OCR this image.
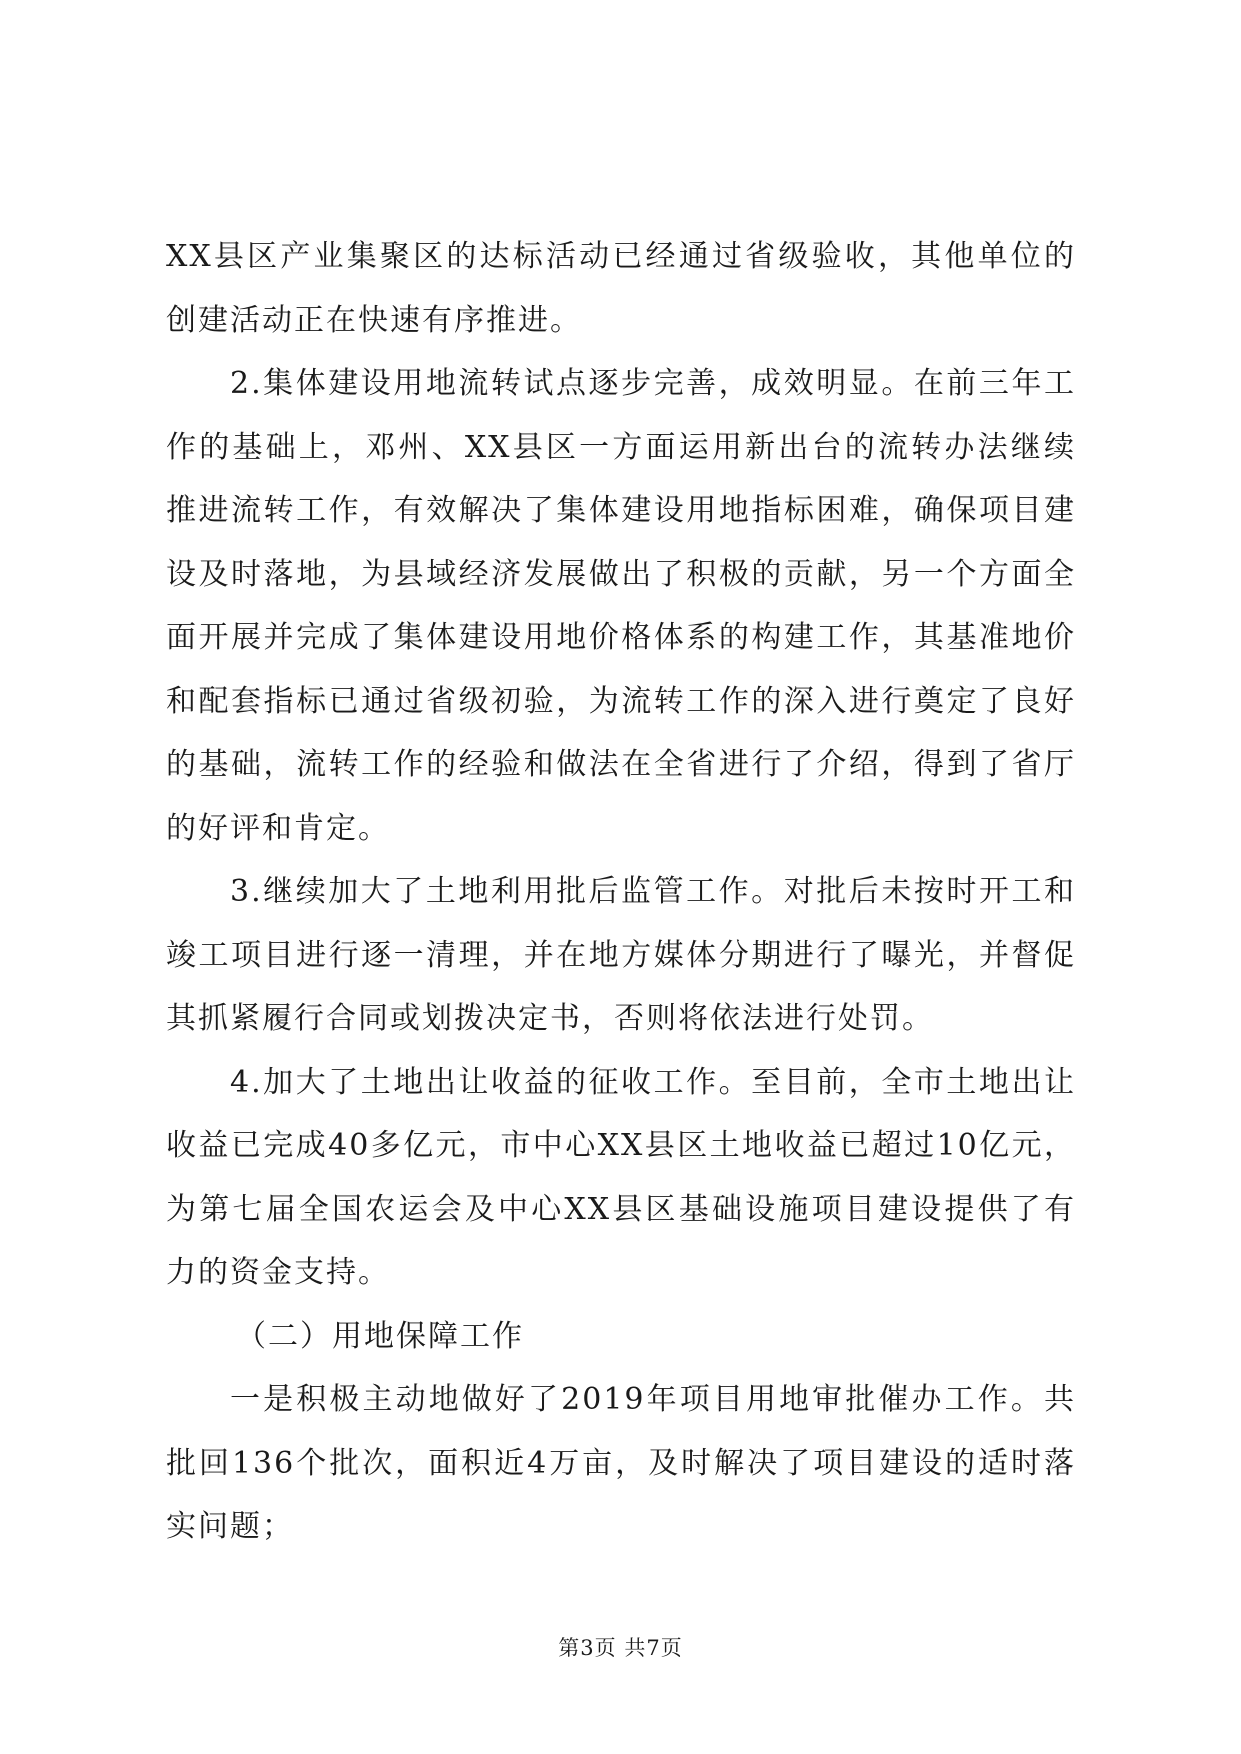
XX县区产业集聚区的达标活动已经通过省级验收，其他单位的创建活动正在快速有序推进。

2.集体建设用地流转试点逐步完善，成效明显。在前三年工作的基础上，邓州、XX县区一方面运用新出台的流转办法继续推进流转工作，有效解决了集体建设用地指标困难，确保项目建设及时落地，为县域经济发展做出了积极的贡献，另一个方面全面开展并完成了集体建设用地价格体系的构建工作，其基准地价和配套指标已通过省级初验，为流转工作的深入进行奠定了良好的基础，流转工作的经验和做法在全省进行了介绍，得到了省厅的好评和肯定。

3.继续加大了土地利用批后监管工作。对批后未按时开工和竣工项目进行逐一清理，并在地方媒体分期进行了曝光，并督促其抓紧履行合同或划拨决定书，否则将依法进行处罚。

4.加大了土地出让收益的征收工作。至目前，全市土地出让收益已完成40多亿元，市中心XX县区土地收益已超过10亿元，为第七届全国农运会及中心XX县区基础设施项目建设提供了有力的资金支持。

（二）用地保障工作

一是积极主动地做好了2019年项目用地审批催办工作。共批回136个批次，面积近4万亩，及时解决了项目建设的适时落实问题；

第3页 共7页
